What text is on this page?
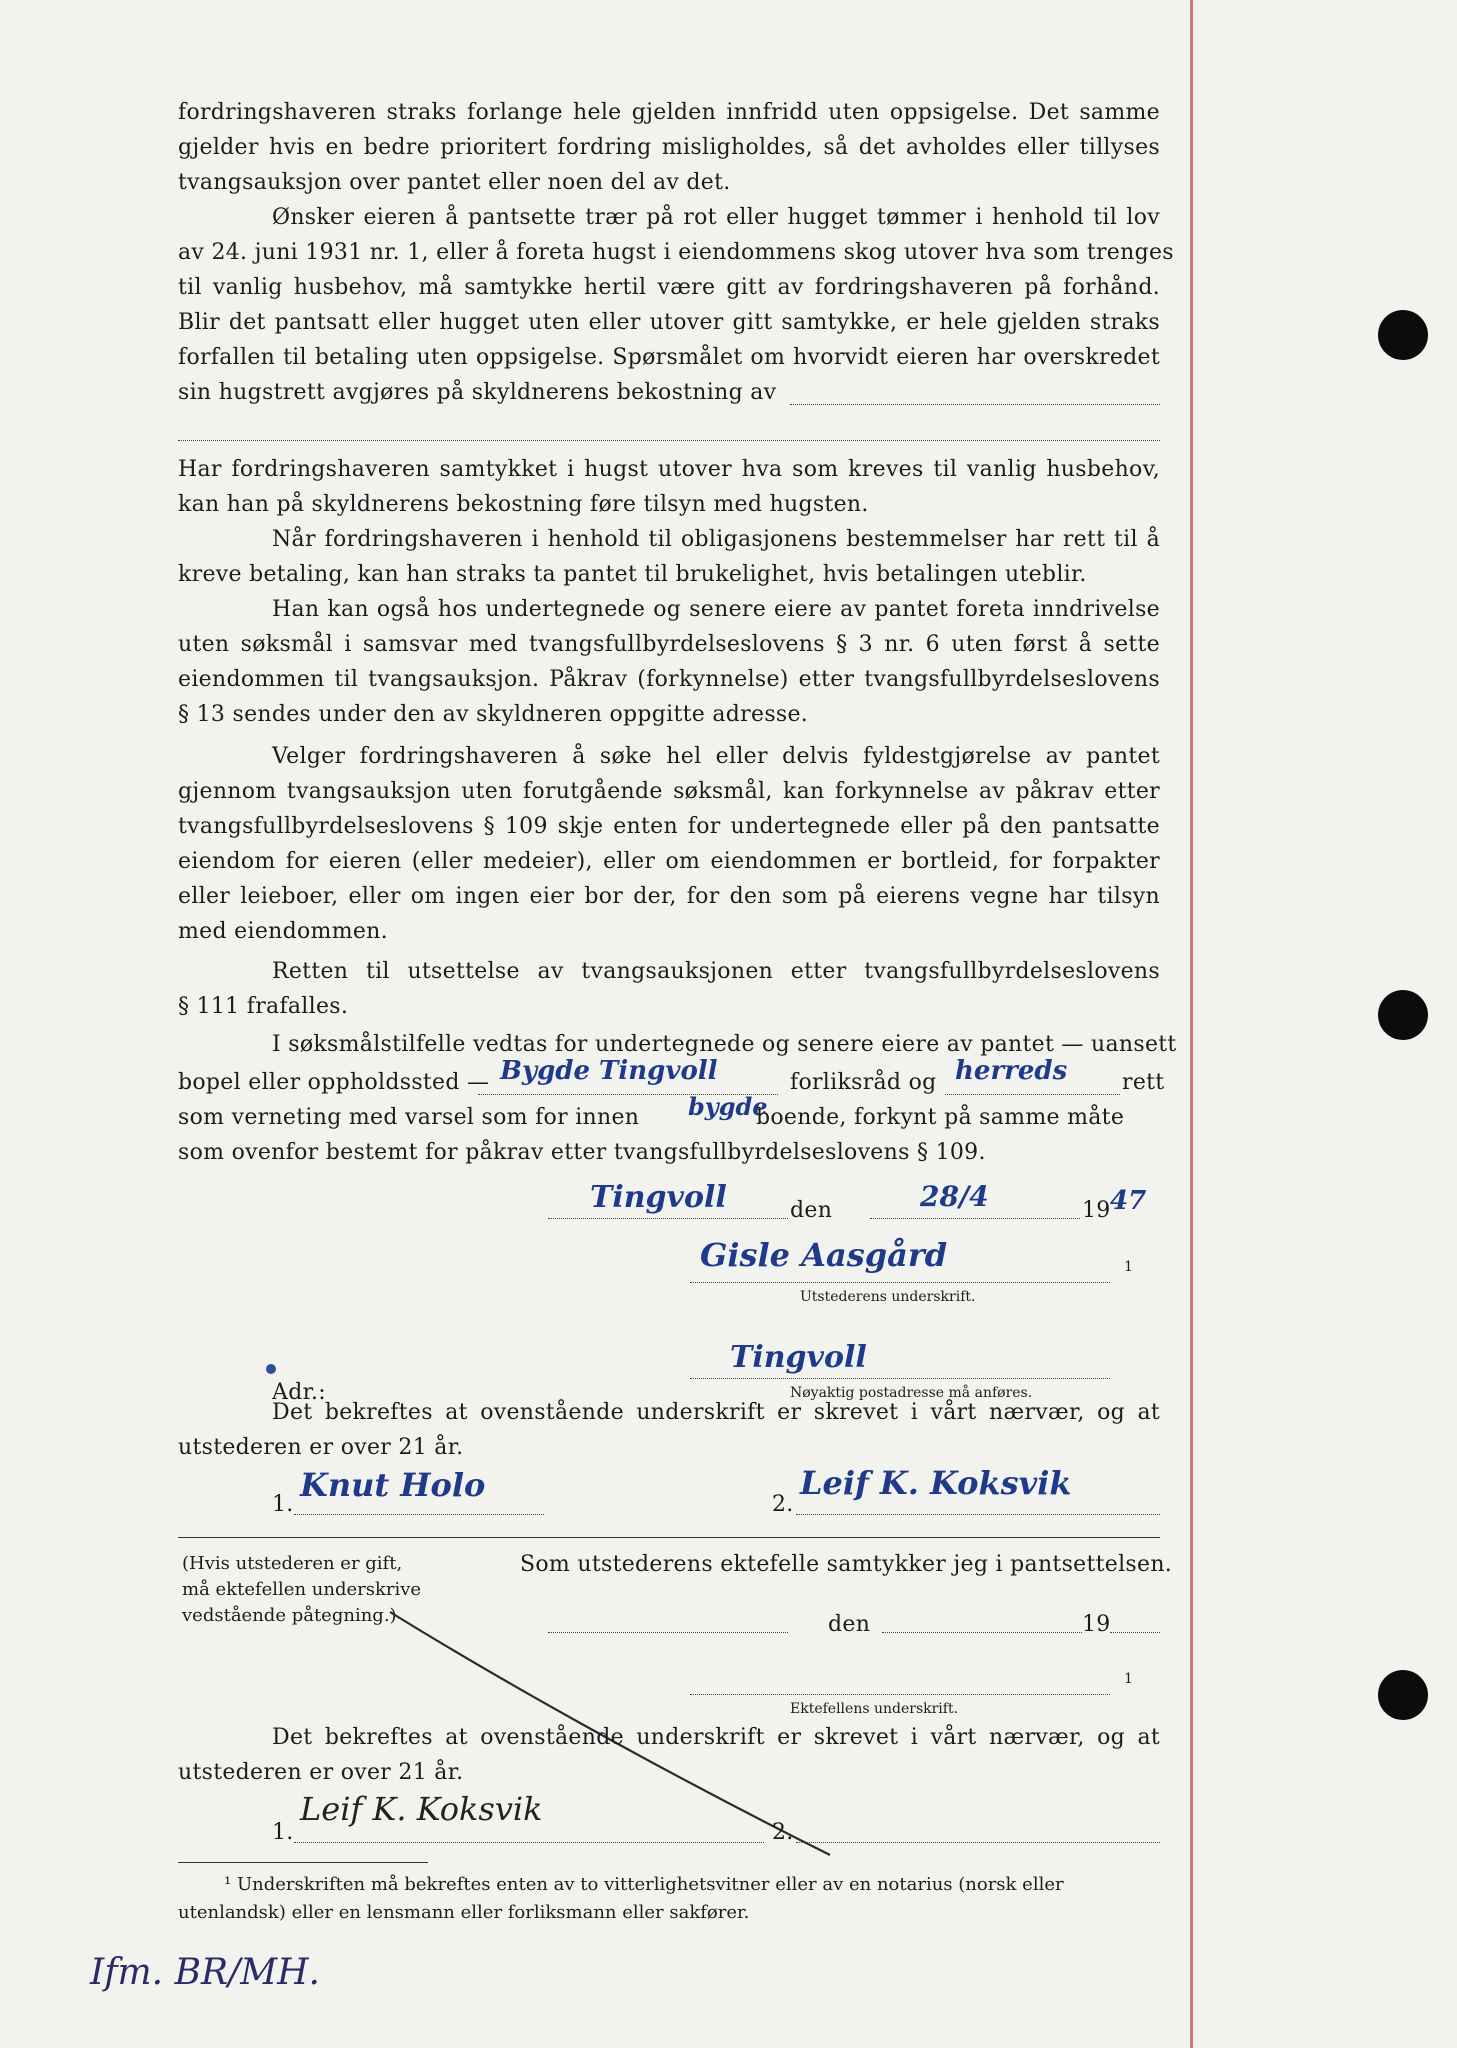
fordringshaveren straks forlange hele gjelden innfridd uten oppsigelse. Det samme
gjelder hvis en bedre prioritert fordring misligholdes, så det avholdes eller tillyses
tvangsauksjon over pantet eller noen del av det.
Ønsker eieren å pantsette trær på rot eller hugget tømmer i henhold til lov
av 24. juni 1931 nr. 1, eller å foreta hugst i eiendommens skog utover hva som trenges
til vanlig husbehov, må samtykke hertil være gitt av fordringshaveren på forhånd.
Blir det pantsatt eller hugget uten eller utover gitt samtykke, er hele gjelden straks
forfallen til betaling uten oppsigelse. Spørsmålet om hvorvidt eieren har overskredet
sin hugstrett avgjøres på skyldnerens bekostning av
Har fordringshaveren samtykket i hugst utover hva som kreves til vanlig husbehov,
kan han på skyldnerens bekostning føre tilsyn med hugsten.
Når fordringshaveren i henhold til obligasjonens bestemmelser har rett til å
kreve betaling, kan han straks ta pantet til brukelighet, hvis betalingen uteblir.
Han kan også hos undertegnede og senere eiere av pantet foreta inndrivelse
uten søksmål i samsvar med tvangsfullbyrdelseslovens § 3 nr. 6 uten først å sette
eiendommen til tvangsauksjon. Påkrav (forkynnelse) etter tvangsfullbyrdelseslovens
§ 13 sendes under den av skyldneren oppgitte adresse.
Velger fordringshaveren å søke hel eller delvis fyldestgjørelse av pantet
gjennom tvangsauksjon uten forutgående søksmål, kan forkynnelse av påkrav etter
tvangsfullbyrdelseslovens § 109 skje enten for undertegnede eller på den pantsatte
eiendom for eieren (eller medeier), eller om eiendommen er bortleid, for forpakter
eller leieboer, eller om ingen eier bor der, for den som på eierens vegne har tilsyn
med eiendommen.
Retten til utsettelse av tvangsauksjonen etter tvangsfullbyrdelseslovens
§ 111 frafalles.
I søksmålstilfelle vedtas for undertegnede og senere eiere av pantet — uansett
bopel eller oppholdssted — Bygde Tingvoll	forliksråd og herreds rett
som verneting med varsel som for innen bygde
boende, forkynt på samme måte
som ovenfor bestemt for påkrav etter tvangsfullbyrdelseslovens § 109.
Tingvoll	den	28/4	19 47
Gisle Aasgård	1
Utstederens underskrift.
Adr.:
Tingvoll
Nøyaktig postadresse må anføres.
Det bekreftes at ovenstående underskrift er skrevet i vårt nærvær, og at
utstederen er over 21 år.
1.
Knut Holo
2.
Leif K. Koksvik
(Hvis utstederen er gift,
må ektefellen underskrive
vedstående påtegning.)
Som utstederens ektefelle samtykker jeg i pantsettelsen.
den	19
1
Ektefellens underskrift.
Det bekreftes at ovenstående underskrift er skrevet i vårt nærvær, og at
utstederen er over 21 år.
1.
Leif K. Koksvik
2.
¹ Underskriften må bekreftes enten av to vitterlighetsvitner eller av en notarius (norsk eller
utenlandsk) eller en lensmann eller forliksmann eller sakfører.
Ifm. BR/MH.
